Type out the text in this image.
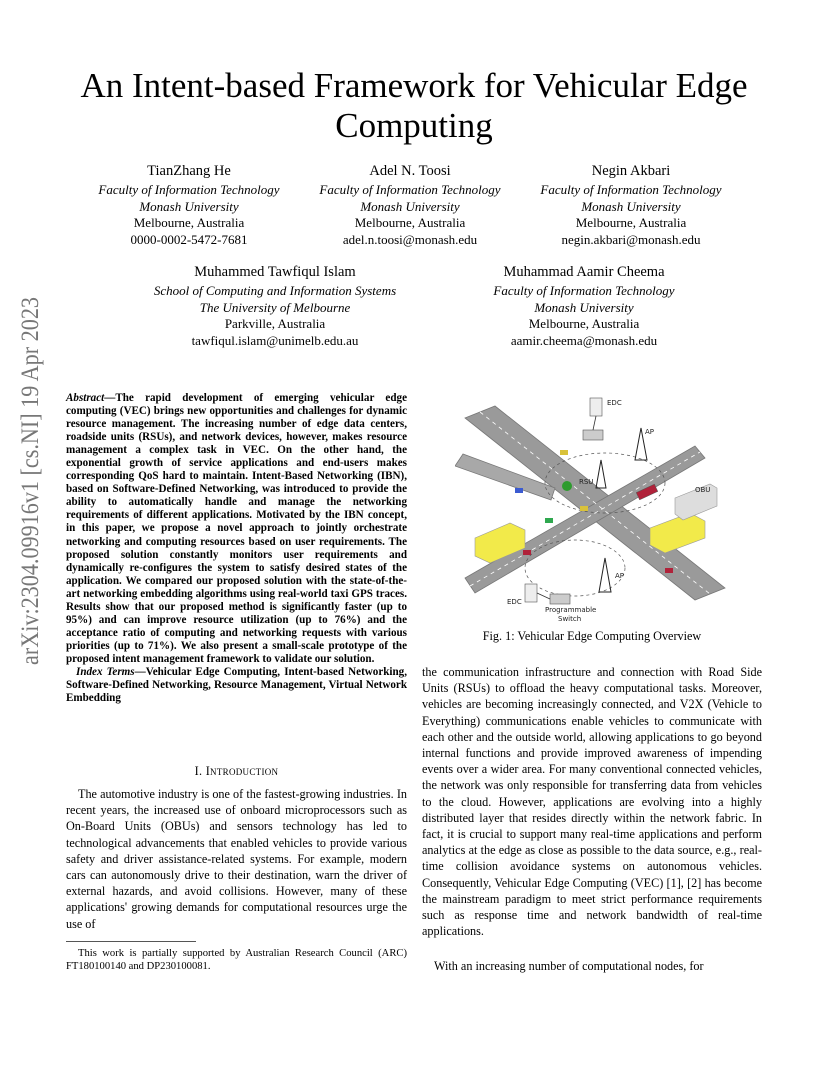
arXiv:2304.09916v1 [cs.NI] 19 Apr 2023
An Intent-based Framework for Vehicular Edge Computing
TianZhang He
Faculty of Information Technology
Monash University
Melbourne, Australia
0000-0002-5472-7681
Adel N. Toosi
Faculty of Information Technology
Monash University
Melbourne, Australia
adel.n.toosi@monash.edu
Negin Akbari
Faculty of Information Technology
Monash University
Melbourne, Australia
negin.akbari@monash.edu
Muhammed Tawfiqul Islam
School of Computing and Information Systems
The University of Melbourne
Parkville, Australia
tawfiqul.islam@unimelb.edu.au
Muhammad Aamir Cheema
Faculty of Information Technology
Monash University
Melbourne, Australia
aamir.cheema@monash.edu
Abstract—The rapid development of emerging vehicular edge computing (VEC) brings new opportunities and challenges for dynamic resource management. The increasing number of edge data centers, roadside units (RSUs), and network devices, however, makes resource management a complex task in VEC. On the other hand, the exponential growth of service applications and end-users makes corresponding QoS hard to maintain. Intent-Based Networking (IBN), based on Software-Defined Networking, was introduced to provide the ability to automatically handle and manage the networking requirements of different applications. Motivated by the IBN concept, in this paper, we propose a novel approach to jointly orchestrate networking and computing resources based on user requirements. The proposed solution constantly monitors user requirements and dynamically re-configures the system to satisfy desired states of the application. We compared our proposed solution with the state-of-the-art networking embedding algorithms using real-world taxi GPS traces. Results show that our proposed method is significantly faster (up to 95%) and can improve resource utilization (up to 76%) and the acceptance ratio of computing and networking requests with various priorities (up to 71%). We also present a small-scale prototype of the proposed intent management framework to validate our solution.
Index Terms—Vehicular Edge Computing, Intent-based Networking, Software-Defined Networking, Resource Management, Virtual Network Embedding
I. Introduction
The automotive industry is one of the fastest-growing industries. In recent years, the increased use of onboard microprocessors such as On-Board Units (OBUs) and sensors technology has led to technological advancements that enabled vehicles to provide various safety and driver assistance-related systems. For example, modern cars can autonomously drive to their destination, warn the driver of external hazards, and avoid collisions. However, many of these applications' growing demands for computational resources urge the use of
This work is partially supported by Australian Research Council (ARC) FT180100140 and DP230100081.
EDC
AP
RSU
OBU
AP
EDC
Programmable
Switch
Fig. 1: Vehicular Edge Computing Overview
the communication infrastructure and connection with Road Side Units (RSUs) to offload the heavy computational tasks. Moreover, vehicles are becoming increasingly connected, and V2X (Vehicle to Everything) communications enable vehicles to communicate with each other and the outside world, allowing applications to go beyond internal functions and provide improved awareness of impending events over a wider area. For many conventional connected vehicles, the network was only responsible for transferring data from vehicles to the cloud. However, applications are evolving into a highly distributed layer that resides directly within the network fabric. In fact, it is crucial to support many real-time applications and perform analytics at the edge as close as possible to the data source, e.g., real-time collision avoidance systems on autonomous vehicles. Consequently, Vehicular Edge Computing (VEC) [1], [2] has become the mainstream paradigm to meet strict performance requirements such as response time and network bandwidth of real-time applications.
With an increasing number of computational nodes, for
